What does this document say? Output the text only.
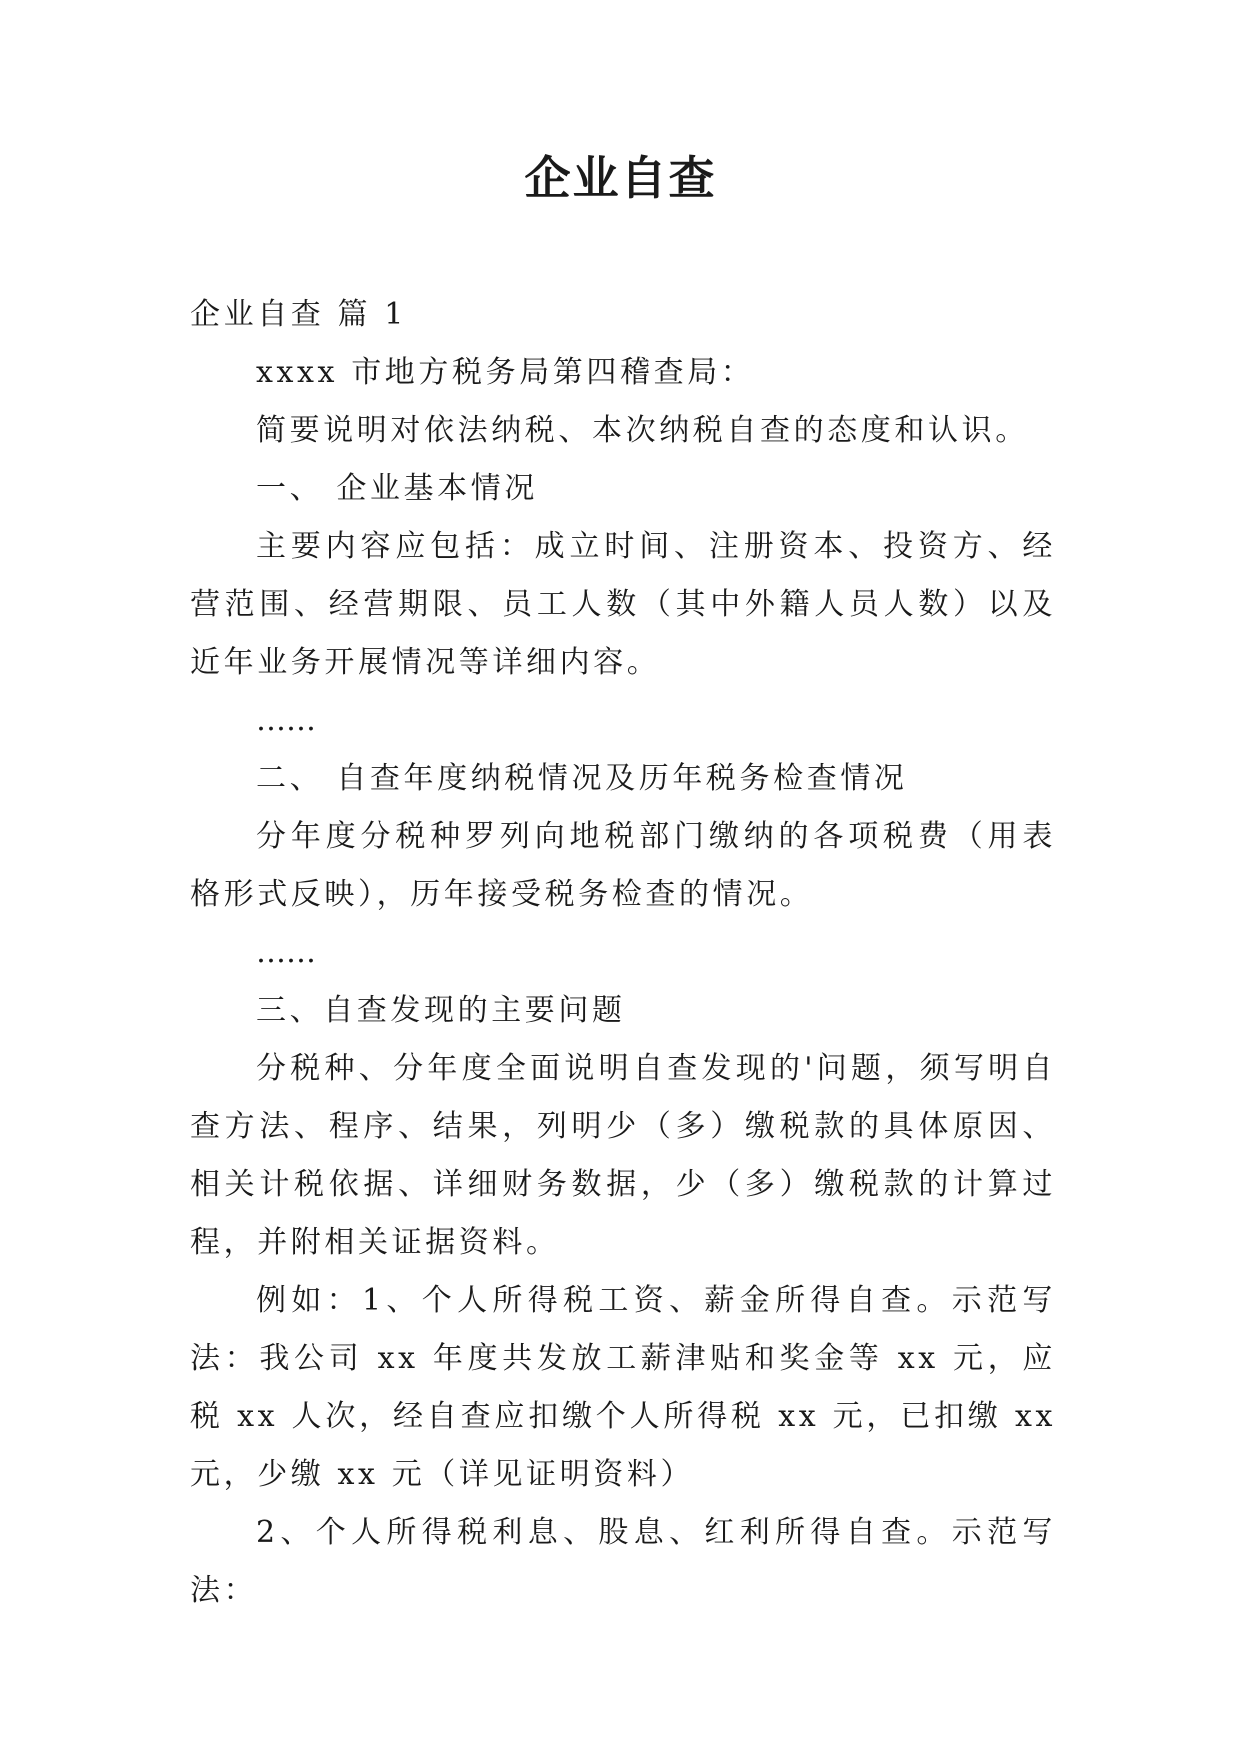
企业自查

企业自查 篇 1

xxxx 市地方税务局第四稽查局：

简要说明对依法纳税、本次纳税自查的态度和认识。

一、 企业基本情况

主要内容应包括：成立时间、注册资本、投资方、经营范围、经营期限、员工人数（其中外籍人员人数）以及近年业务开展情况等详细内容。

……

二、 自查年度纳税情况及历年税务检查情况

分年度分税种罗列向地税部门缴纳的各项税费（用表格形式反映），历年接受税务检查的情况。

……

三、自查发现的主要问题

分税种、分年度全面说明自查发现的'问题，须写明自查方法、程序、结果，列明少（多）缴税款的具体原因、相关计税依据、详细财务数据，少（多）缴税款的计算过程，并附相关证据资料。

例如：1、个人所得税工资、薪金所得自查。示范写法：我公司 xx 年度共发放工薪津贴和奖金等 xx 元，应税 xx 人次，经自查应扣缴个人所得税 xx 元，已扣缴 xx 元，少缴 xx 元（详见证明资料）

2、个人所得税利息、股息、红利所得自查。示范写法：
